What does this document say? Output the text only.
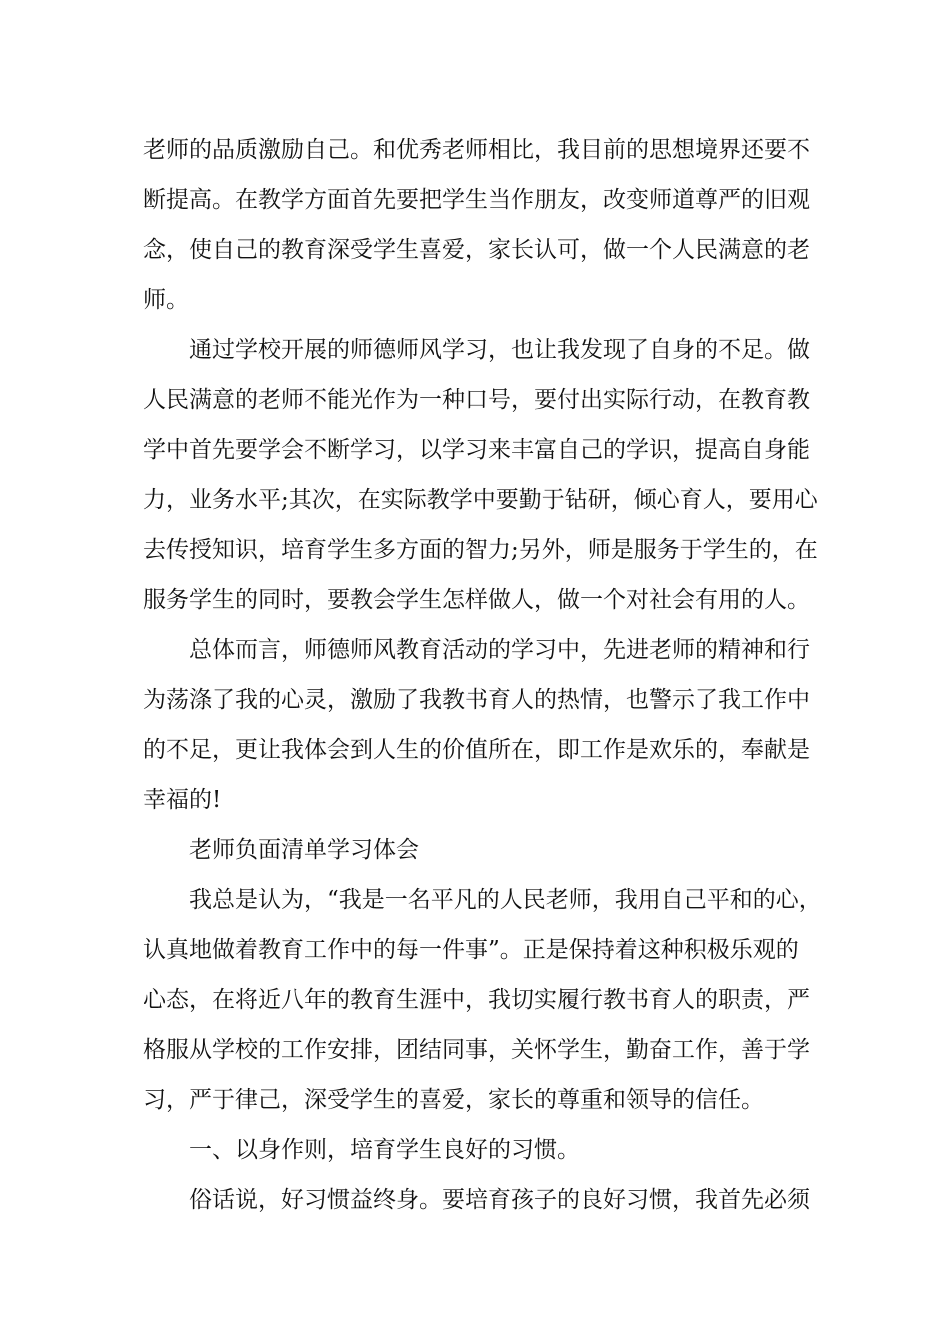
老师的品质激励自己。和优秀老师相比，我目前的思想境界还要不
断提高。在教学方面首先要把学生当作朋友，改变师道尊严的旧观
念，使自己的教育深受学生喜爱，家长认可，做一个人民满意的老
师。
通过学校开展的师德师风学习，也让我发现了自身的不足。做
人民满意的老师不能光作为一种口号，要付出实际行动，在教育教
学中首先要学会不断学习，以学习来丰富自己的学识，提高自身能
力，业务水平;其次，在实际教学中要勤于钻研，倾心育人，要用心
去传授知识，培育学生多方面的智力;另外，师是服务于学生的，在
服务学生的同时，要教会学生怎样做人，做一个对社会有用的人。
总体而言，师德师风教育活动的学习中，先进老师的精神和行
为荡涤了我的心灵，激励了我教书育人的热情，也警示了我工作中
的不足，更让我体会到人生的价值所在，即工作是欢乐的，奉献是
幸福的!
老师负面清单学习体会
我总是认为，“我是一名平凡的人民老师，我用自己平和的心，
认真地做着教育工作中的每一件事”。正是保持着这种积极乐观的
心态，在将近八年的教育生涯中，我切实履行教书育人的职责，严
格服从学校的工作安排，团结同事，关怀学生，勤奋工作，善于学
习，严于律己，深受学生的喜爱，家长的尊重和领导的信任。
一、以身作则，培育学生良好的习惯。
俗话说，好习惯益终身。要培育孩子的良好习惯，我首先必须
